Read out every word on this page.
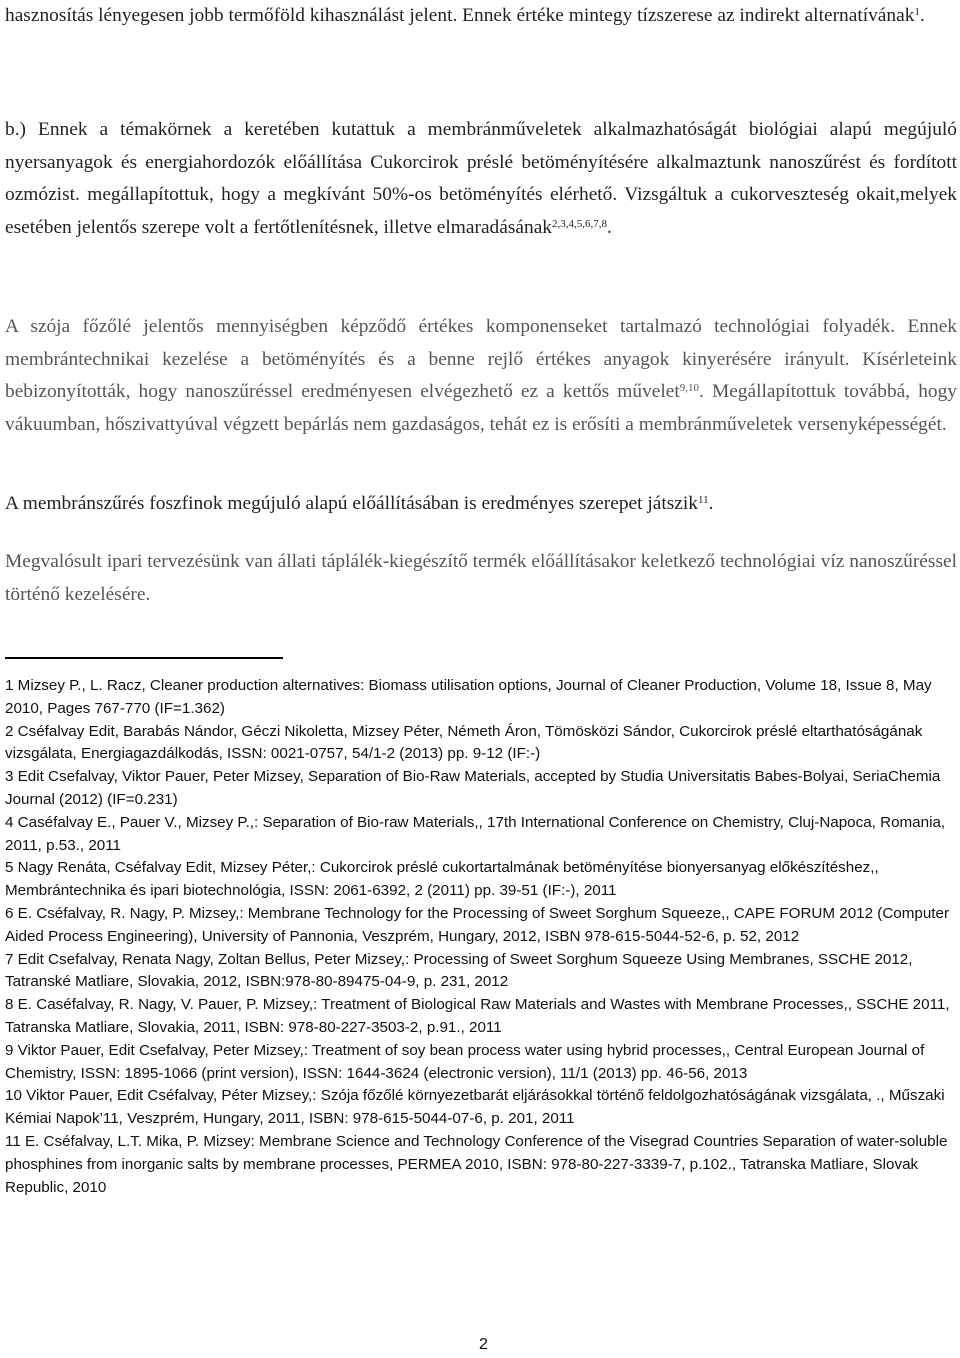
hasznosítás lényegesen jobb termőföld kihasználást jelent. Ennek értéke mintegy tízszerese az indirekt alternatívának$^1$.

b.) Ennek a témakörnek a keretében kutattuk a membránműveletek alkalmazhatóságát biológiai alapú megújuló nyersanyagok és energiahordozók előállítása Cukorcirok préslé betöményítésére alkalmaztunk nanoszűrést és fordított ozmózist. megállapítottuk, hogy a megkívánt 50%-os betöményítés elérhető. Vizsgáltuk a cukorveszteség okait,melyek esetében jelentős szerepe volt a fertőtlenítésnek, illetve elmaradásának$^{2,3,4,5,6,7,8}$.

A szója főzőlé jelentős mennyiségben képződő értékes komponenseket tartalmazó technológiai folyadék. Ennek membrántechnikai kezelése a betöményítés és a benne rejlő értékes anyagok kinyerésére irányult. Kísérleteink bebizonyították, hogy nanoszűréssel eredményesen elvégezhető ez a kettős művelet$^{9,10}$. Megállapítottuk továbbá, hogy vákuumban, hőszivattyúval végzett bepárlás nem gazdaságos, tehát ez is erősíti a membránműveletek versenyképességét.

A membránszűrés foszfinok megújuló alapú előállításában is eredményes szerepet játszik$^{11}$.

Megvalósult ipari tervezésünk van állati táplálék-kiegészítő termék előállításakor keletkező technológiai víz nanoszűréssel történő kezelésére.

1 Mizsey P., L. Racz, Cleaner production alternatives: Biomass utilisation options, Journal of Cleaner Production, Volume 18, Issue 8, May 2010, Pages 767-770 (IF=1.362)

2 Cséfalvay Edit, Barabás Nándor, Géczi Nikoletta, Mizsey Péter, Németh Áron, Tömösközi Sándor, Cukorcirok préslé eltarthatóságának vizsgálata, Energiagazdálkodás, ISSN: 0021-0757, 54/1-2 (2013) pp. 9-12 (IF:-)

3 Edit Csefalvay, Viktor Pauer, Peter Mizsey, Separation of Bio-Raw Materials, accepted by Studia Universitatis Babes-Bolyai, SeriaChemia Journal (2012) (IF=0.231)

4 Caséfalvay E., Pauer V., Mizsey P.,: Separation of Bio-raw Materials,, 17th International Conference on Chemistry, Cluj-Napoca, Romania, 2011, p.53., 2011

5 Nagy Renáta, Cséfalvay Edit, Mizsey Péter,: Cukorcirok préslé cukortartalmának betöményítése bionyersanyag előkészítéshez,, Membrántechnika és ipari biotechnológia, ISSN: 2061-6392, 2 (2011) pp. 39-51 (IF:-), 2011

6 E. Cséfalvay, R. Nagy, P. Mizsey,: Membrane Technology for the Processing of Sweet Sorghum Squeeze,, CAPE FORUM 2012 (Computer Aided Process Engineering), University of Pannonia, Veszprém, Hungary, 2012, ISBN 978-615-5044-52-6, p. 52, 2012

7 Edit Csefalvay, Renata Nagy, Zoltan Bellus, Peter Mizsey,: Processing of Sweet Sorghum Squeeze Using Membranes, SSCHE 2012, Tatranské Matliare, Slovakia, 2012, ISBN:978-80-89475-04-9, p. 231, 2012

8 E. Caséfalvay, R. Nagy, V. Pauer, P. Mizsey,: Treatment of Biological Raw Materials and Wastes with Membrane Processes,, SSCHE 2011, Tatranska Matliare, Slovakia, 2011, ISBN: 978-80-227-3503-2, p.91., 2011

9 Viktor Pauer, Edit Csefalvay, Peter Mizsey,: Treatment of soy bean process water using hybrid processes,, Central European Journal of Chemistry, ISSN: 1895-1066 (print version), ISSN: 1644-3624 (electronic version), 11/1 (2013) pp. 46-56, 2013

10 Viktor Pauer, Edit Cséfalvay, Péter Mizsey,: Szója főzőlé környezetbarát eljárásokkal történő feldolgozhatóságának vizsgálata, ., Műszaki Kémiai Napok’11, Veszprém, Hungary, 2011, ISBN: 978-615-5044-07-6, p. 201, 2011

11 E. Cséfalvay, L.T. Mika, P. Mizsey: Membrane Science and Technology Conference of the Visegrad Countries Separation of water-soluble phosphines from inorganic salts by membrane processes, PERMEA 2010, ISBN: 978-80-227-3339-7, p.102., Tatranska Matliare, Slovak Republic, 2010

2
